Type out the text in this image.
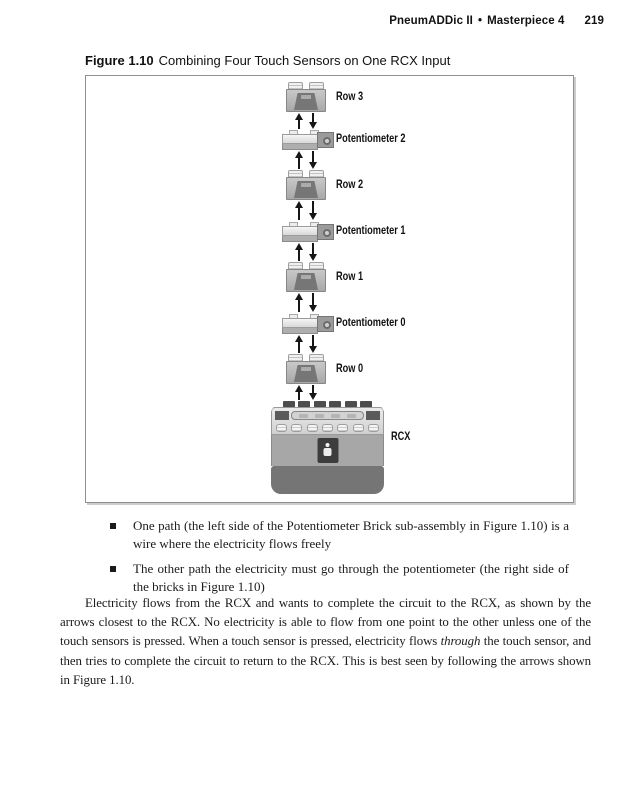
PneumADDic II • Masterpiece 4 219
Figure 1.10 Combining Four Touch Sensors on One RCX Input
Row 3
Potentiometer 2
Row 2
Potentiometer 1
Row 1
Potentiometer 0
Row 0
RCX
One path (the left side of the Potentiometer Brick sub-assembly in Figure 1.10) is a wire where the electricity flows freely
The other path the electricity must go through the potentiometer (the right side of the bricks in Figure 1.10)

Electricity flows from the RCX and wants to complete the circuit to the RCX, as shown by the arrows closest to the RCX. No electricity is able to flow from one point to the other unless one of the touch sensors is pressed. When a touch sensor is pressed, electricity flows through the touch sensor, and then tries to complete the circuit to return to the RCX. This is best seen by following the arrows shown in Figure 1.10.
